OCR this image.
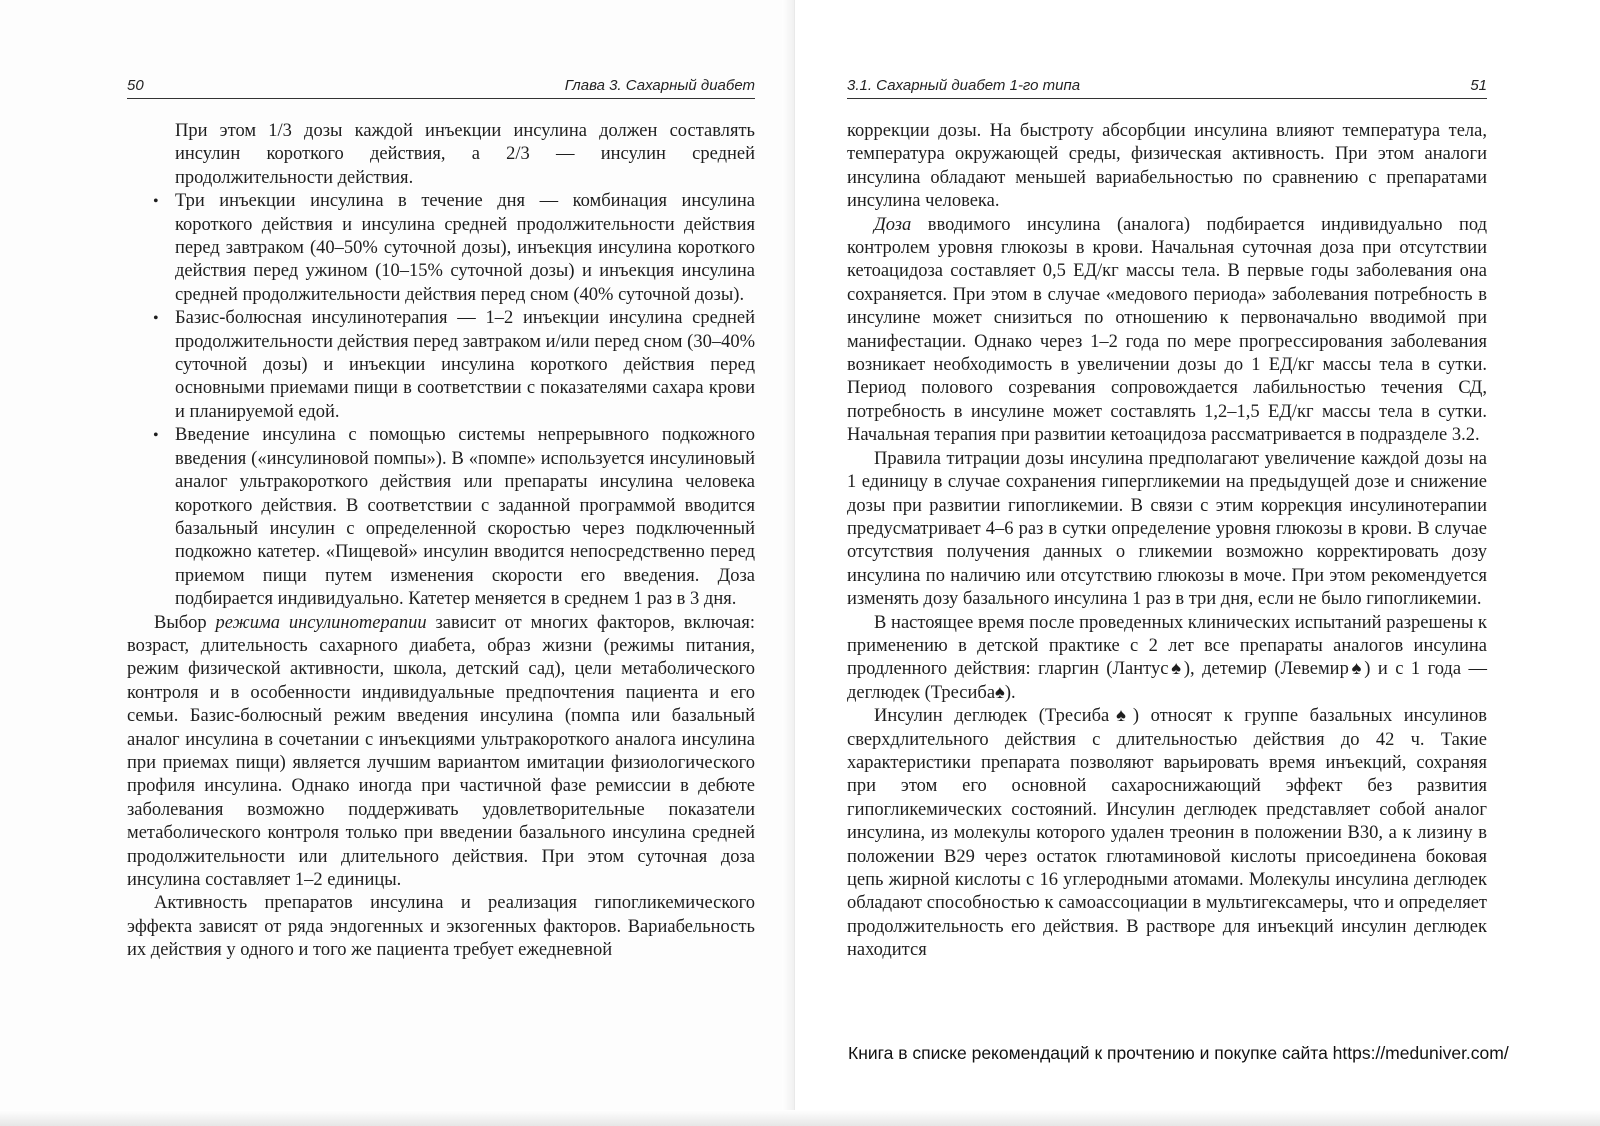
50	Глава 3. Сахарный диабет

При этом 1/3 дозы каждой инъекции инсулина должен составлять инсулин короткого действия, а 2/3 — инсулин средней продолжительности действия.

• Три инъекции инсулина в течение дня — комбинация инсулина короткого действия и инсулина средней продолжительности действия перед завтраком (40–50% суточной дозы), инъекция инсулина короткого действия перед ужином (10–15% суточной дозы) и инъекция инсулина средней продолжительности действия перед сном (40% суточной дозы).
• Базис-болюсная инсулинотерапия — 1–2 инъекции инсулина средней продолжительности действия перед завтраком и/или перед сном (30–40% суточной дозы) и инъекции инсулина короткого действия перед основными приемами пищи в соответствии с показателями сахара крови и планируемой едой.
• Введение инсулина с помощью системы непрерывного подкожного введения («инсулиновой помпы»). В «помпе» используется инсулиновый аналог ультракороткого действия или препараты инсулина человека короткого действия. В соответствии с заданной программой вводится базальный инсулин с определенной скоростью через подключенный подкожно катетер. «Пищевой» инсулин вводится непосредственно перед приемом пищи путем изменения скорости его введения. Доза подбирается индивидуально. Катетер меняется в среднем 1 раз в 3 дня.

Выбор режима инсулинотерапии зависит от многих факторов, включая: возраст, длительность сахарного диабета, образ жизни (режимы питания, режим физической активности, школа, детский сад), цели метаболического контроля и в особенности индивидуальные предпочтения пациента и его семьи. Базис-болюсный режим введения инсулина (помпа или базальный аналог инсулина в сочетании с инъекциями ультракороткого аналога инсулина при приемах пищи) является лучшим вариантом имитации физиологического профиля инсулина. Однако иногда при частичной фазе ремиссии в дебюте заболевания возможно поддерживать удовлетворительные показатели метаболического контроля только при введении базального инсулина средней продолжительности или длительного действия. При этом суточная доза инсулина составляет 1–2 единицы.

Активность препаратов инсулина и реализация гипогликемического эффекта зависят от ряда эндогенных и экзогенных факторов. Вариабельность их действия у одного и того же пациента требует ежедневной

3.1. Сахарный диабет 1-го типа	51

коррекции дозы. На быстроту абсорбции инсулина влияют температура тела, температура окружающей среды, физическая активность. При этом аналоги инсулина обладают меньшей вариабельностью по сравнению с препаратами инсулина человека.

Доза вводимого инсулина (аналога) подбирается индивидуально под контролем уровня глюкозы в крови. Начальная суточная доза при отсутствии кетоацидоза составляет 0,5 ЕД/кг массы тела. В первые годы заболевания она сохраняется. При этом в случае «медового периода» заболевания потребность в инсулине может снизиться по отношению к первоначально вводимой при манифестации. Однако через 1–2 года по мере прогрессирования заболевания возникает необходимость в увеличении дозы до 1 ЕД/кг массы тела в сутки. Период полового созревания сопровождается лабильностью течения СД, потребность в инсулине может составлять 1,2–1,5 ЕД/кг массы тела в сутки. Начальная терапия при развитии кетоацидоза рассматривается в подразделе 3.2.

Правила титрации дозы инсулина предполагают увеличение каждой дозы на 1 единицу в случае сохранения гипергликемии на предыдущей дозе и снижение дозы при развитии гипогликемии. В связи с этим коррекция инсулинотерапии предусматривает 4–6 раз в сутки определение уровня глюкозы в крови. В случае отсутствия получения данных о гликемии возможно корректировать дозу инсулина по наличию или отсутствию глюкозы в моче. При этом рекомендуется изменять дозу базального инсулина 1 раз в три дня, если не было гипогликемии.

В настоящее время после проведенных клинических испытаний разрешены к применению в детской практике с 2 лет все препараты аналогов инсулина продленного действия: гларгин (Лантус♠), детемир (Левемир♠) и с 1 года — деглюдек (Тресиба♠).

Инсулин деглюдек (Тресиба♠) относят к группе базальных инсулинов сверхдлительного действия с длительностью действия до 42 ч. Такие характеристики препарата позволяют варьировать время инъекций, сохраняя при этом его основной сахароснижающий эффект без развития гипогликемических состояний. Инсулин деглюдек представляет собой аналог инсулина, из молекулы которого удален треонин в положении B30, а к лизину в положении B29 через остаток глютаминовой кислоты присоединена боковая цепь жирной кислоты с 16 углеродными атомами. Молекулы инсулина деглюдек обладают способностью к самоассоциации в мультигексамеры, что и определяет продолжительность его действия. В растворе для инъекций инсулин деглюдек находится

Книга в списке рекомендаций к прочтению и покупке сайта https://meduniver.com/
